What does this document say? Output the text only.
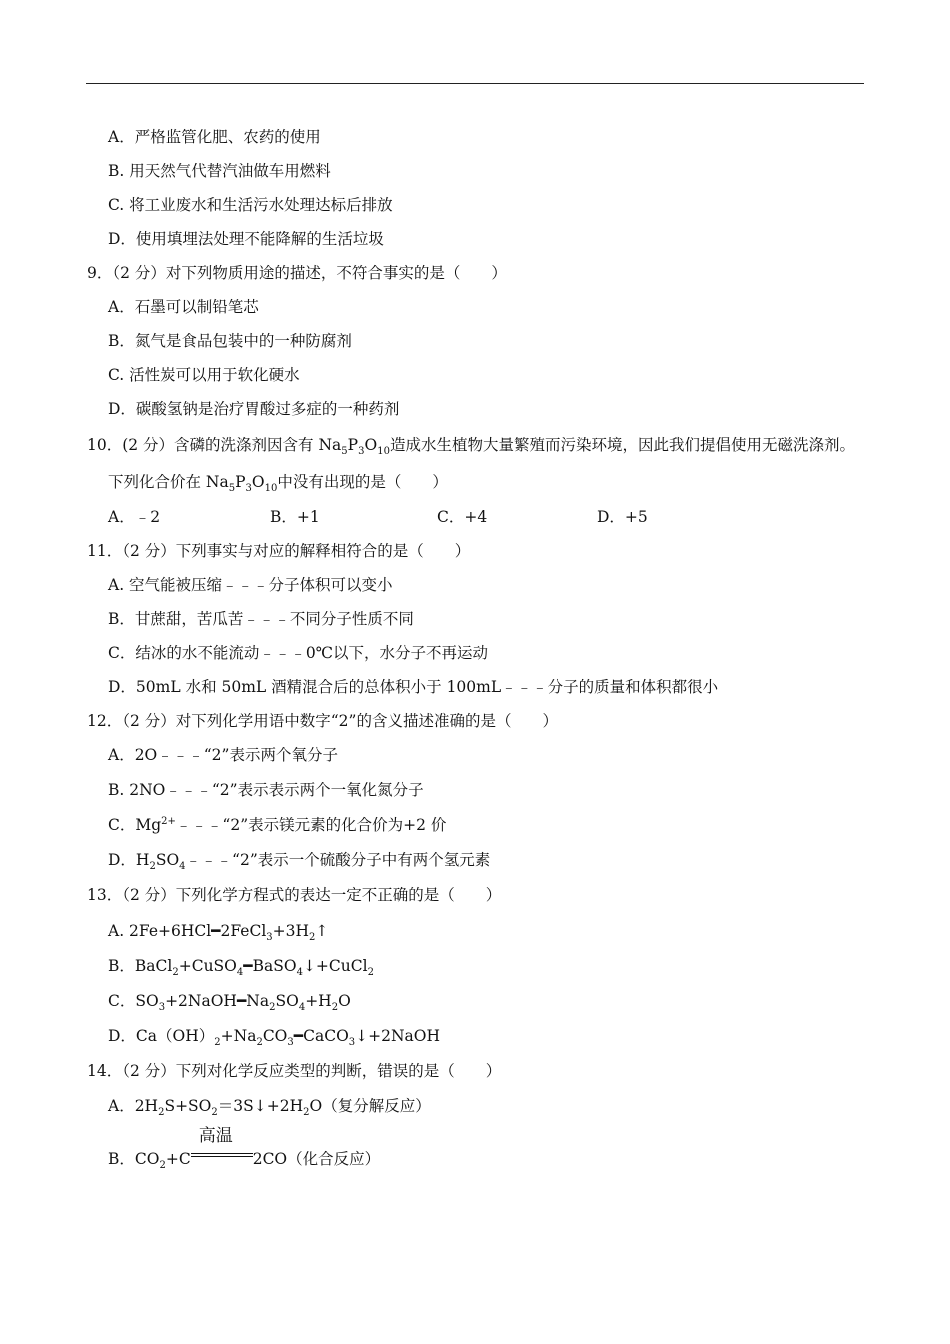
A．严格监管化肥、农药的使用
B. 用天然气代替汽油做车用燃料
C. 将工业废水和生活污水处理达标后排放
D．使用填埋法处理不能降解的生活垃圾
9．（2 分）对下列物质用途的描述，不符合事实的是（　　）
A．石墨可以制铅笔芯
B．氮气是食品包装中的一种防腐剂
C. 活性炭可以用于软化硬水
D．碳酸氢钠是治疗胃酸过多症的一种药剂
10．(2 分）含磷的洗涤剂因含有 $Na_5P_3O_{10}$造成水生植物大量繁殖而污染环境，因此我们提倡使用无磁洗涤剂。
下列化合价在 $Na_5P_3O_{10}$中没有出现的是（　　）
A．﹣2	B．+1	C．+4	D．+5
11．（2 分）下列事实与对应的解释相符合的是（　　）
A. 空气能被压缩﹣﹣﹣分子体积可以变小
B．甘蔗甜，苦瓜苦﹣﹣﹣不同分子性质不同
C．结冰的水不能流动﹣﹣﹣0℃以下，水分子不再运动
D．50mL 水和 50mL 酒精混合后的总体积小于 100mL﹣﹣﹣分子的质量和体积都很小
12．（2 分）对下列化学用语中数字“2”的含义描述准确的是（　　）
A．2O﹣﹣﹣“2”表示两个氧分子
B. 2NO﹣﹣﹣“2”表示表示两个一氧化氮分子
C．$Mg^{2+}﹣﹣﹣“2$”表示镁元素的化合价为+2 价
D．$H_2SO_4﹣﹣﹣“2$”表示一个硫酸分子中有两个氢元素
13．（2 分）下列化学方程式的表达一定不正确的是（　　）
A. $2Fe+6HCl━2FeCl_3+3H_2↑$
B．BaCl$_2$+CuSO$_4$━BaSO$_4$↓+CuCl$_2$
C．$SO_3+2NaOH━Na_2SO_4+H_2O$
D．$Ca(OH)_2+Na_2CO_3━CaCO_3↓+2NaOH$
14．（2 分）下列对化学反应类型的判断，错误的是（　　）
A．$2H_2S+SO_2=3S↓+2H_2O$（复分解反应）
B．$CO_2+C$
高温
2CO（化合反应）
